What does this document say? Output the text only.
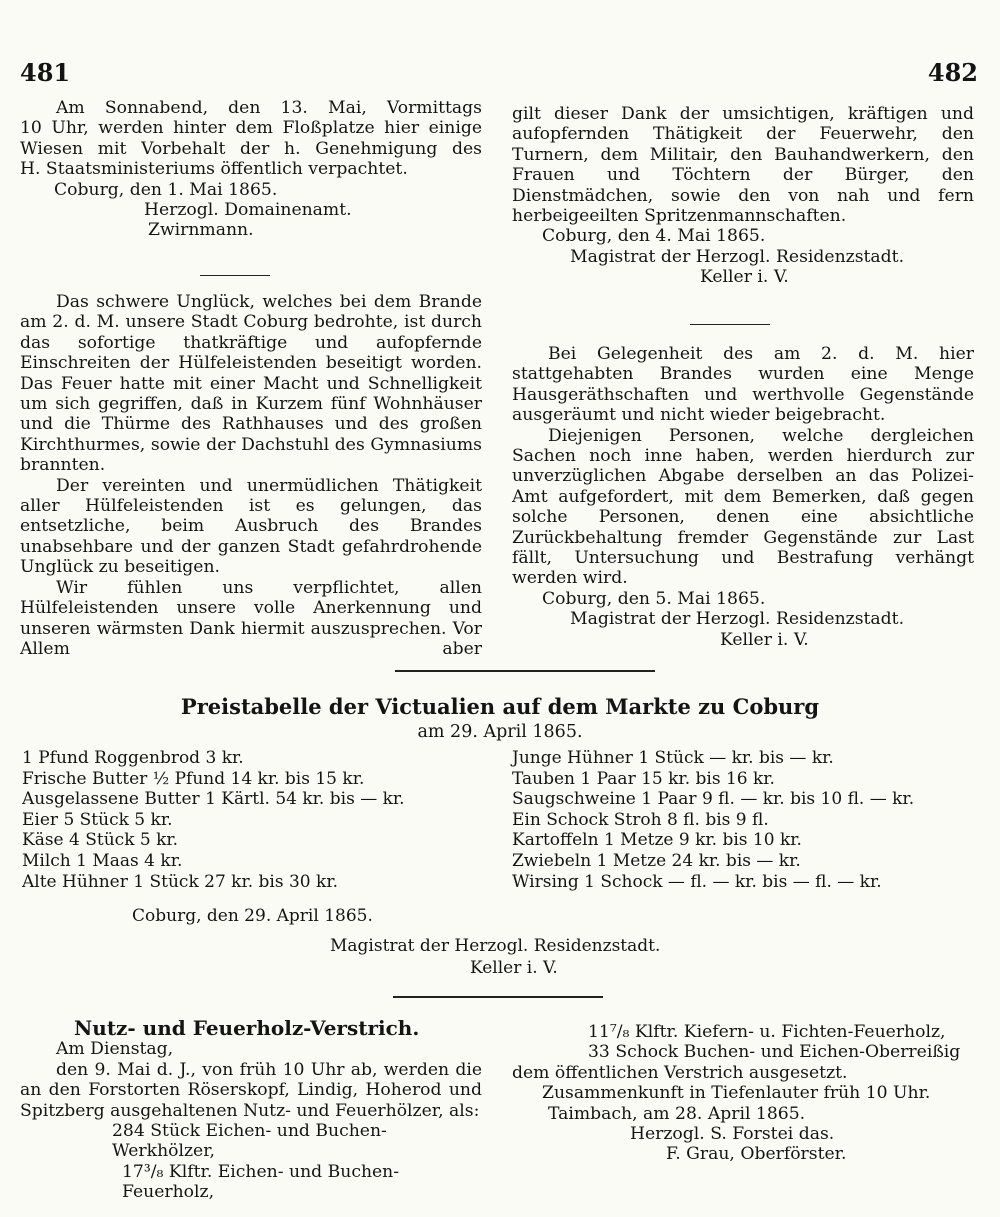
481	482

Am Sonnabend, den 13. Mai, Vormittags

10 Uhr, werden hinter dem Floßplatze hier einige

Wiesen mit Vorbehalt der h. Genehmigung des

H. Staatsministeriums öffentlich verpachtet.

Coburg, den 1. Mai 1865.

Herzogl. Domainenamt.

Zwirnmann.

Das schwere Unglück, welches bei dem Brande am 2. d. M. unsere Stadt Coburg bedrohte, ist durch das sofortige thatkräftige und aufopfernde Einschreiten der Hülfeleistenden beseitigt worden. Das Feuer hatte mit einer Macht und Schnelligkeit um sich gegriffen, daß in Kurzem fünf Wohnhäuser und die Thürme des Rathhauses und des großen Kirchthurmes, sowie der Dachstuhl des Gymnasiums brannten.

Der vereinten und unermüdlichen Thätigkeit aller Hülfeleistenden ist es gelungen, das entsetzliche, beim Ausbruch des Brandes unabsehbare und der ganzen Stadt gefahrdrohende Unglück zu beseitigen.

Wir fühlen uns verpflichtet, allen Hülfeleistenden unsere volle Anerkennung und unseren wärmsten Dank hiermit auszusprechen. Vor Allem aber

gilt dieser Dank der umsichtigen, kräftigen und aufopfernden Thätigkeit der Feuerwehr, den Turnern, dem Militair, den Bauhandwerkern, den Frauen und Töchtern der Bürger, den Dienstmädchen, sowie den von nah und fern herbeigeeilten Spritzenmannschaften.

Coburg, den 4. Mai 1865.

Magistrat der Herzogl. Residenzstadt.

Keller i. V.

Bei Gelegenheit des am 2. d. M. hier stattgehabten Brandes wurden eine Menge Hausgeräthschaften und werthvolle Gegenstände ausgeräumt und nicht wieder beigebracht.

Diejenigen Personen, welche dergleichen Sachen noch inne haben, werden hierdurch zur unverzüglichen Abgabe derselben an das Polizei-Amt aufgefordert, mit dem Bemerken, daß gegen solche Personen, denen eine absichtliche Zurückbehaltung fremder Gegenstände zur Last fällt, Untersuchung und Bestrafung verhängt werden wird.

Coburg, den 5. Mai 1865.

Magistrat der Herzogl. Residenzstadt.

Keller i. V.

Preistabelle der Victualien auf dem Markte zu Coburg
am 29. April 1865.
1 Pfund Roggenbrod 3 kr.
Frische Butter ½ Pfund 14 kr. bis 15 kr.
Ausgelassene Butter 1 Kärtl. 54 kr. bis — kr.
Eier 5 Stück 5 kr.
Käse 4 Stück 5 kr.
Milch 1 Maas 4 kr.
Alte Hühner 1 Stück 27 kr. bis 30 kr.
Junge Hühner 1 Stück — kr. bis — kr.
Tauben 1 Paar 15 kr. bis 16 kr.
Saugschweine 1 Paar 9 fl. — kr. bis 10 fl. — kr.
Ein Schock Stroh 8 fl. bis 9 fl.
Kartoffeln 1 Metze 9 kr. bis 10 kr.
Zwiebeln 1 Metze 24 kr. bis — kr.
Wirsing 1 Schock — fl. — kr. bis — fl. — kr.
Coburg, den 29. April 1865.
Magistrat der Herzogl. Residenzstadt.
Keller i. V.

Nutz- und Feuerholz-Verstrich.

Am Dienstag,

den 9. Mai d. J., von früh 10 Uhr ab, werden die an den Forstorten Röserskopf, Lindig, Hoherod und Spitzberg ausgehaltenen Nutz- und Feuerhölzer, als:

284 Stück Eichen- und Buchen-Werkhölzer,

17³/₈ Klftr. Eichen- und Buchen-Feuerholz,

11⁷/₈ Klftr. Kiefern- u. Fichten-Feuerholz,

33 Schock Buchen- und Eichen-Oberreißig

dem öffentlichen Verstrich ausgesetzt.

Zusammenkunft in Tiefenlauter früh 10 Uhr.

Taimbach, am 28. April 1865.

Herzogl. S. Forstei das.

F. Grau, Oberförster.
